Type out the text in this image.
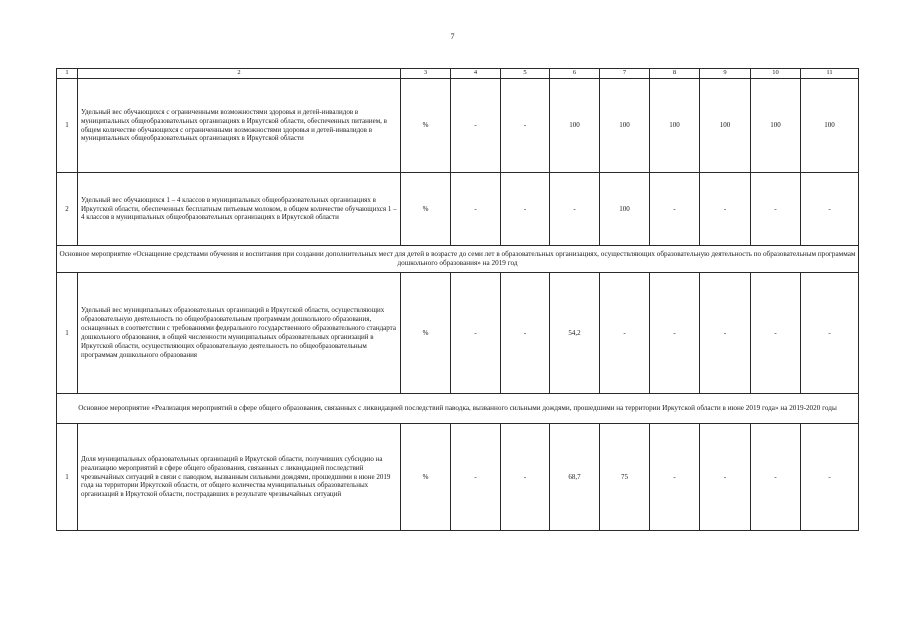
7
1	2	3	4	5	6	7	8	9	10	11
1	Удельный вес обучающихся с ограниченными возможностями здоровья и детей-инвалидов в муниципальных общеобразовательных организациях в Иркутской области, обеспеченных питанием, в общем количестве обучающихся с ограниченными возможностями здоровья и детей-инвалидов в муниципальных общеобразовательных организациях в Иркутской области	%	-	-	100	100	100	100	100	100
2	Удельный вес обучающихся 1 – 4 классов в муниципальных общеобразовательных организациях в Иркутской области, обеспеченных бесплатным питьевым молоком, в общем количестве обучающихся 1 – 4 классов в муниципальных общеобразовательных организациях в Иркутской области	%	-	-	-	100	-	-	-	-
Основное мероприятие «Оснащение средствами обучения и воспитания при создании дополнительных мест для детей в возрасте до семи лет в образовательных организациях, осуществляющих образовательную деятельность по образовательным программам дошкольного образования» на 2019 год										
1	Удельный вес муниципальных образовательных организаций в Иркутской области, осуществляющих образовательную деятельность по общеобразовательным программам дошкольного образования, оснащенных в соответствии с требованиями федерального государственного образовательного стандарта дошкольного образования, в общей численности муниципальных образовательных организаций в Иркутской области, осуществляющих образовательную деятельность по общеобразовательным программам дошкольного образования	%	-	-	54,2	-	-	-	-	-
Основное мероприятие «Реализация мероприятий в сфере общего образования, связанных с ликвидацией последствий паводка, вызванного сильными дождями, прошедшими на территории Иркутской области в июне 2019 года» на 2019-2020 годы										
1	Доля муниципальных образовательных организаций в Иркутской области, получивших субсидию на реализацию мероприятий в сфере общего образования, связанных с ликвидацией последствий чрезвычайных ситуаций в связи с паводком, вызванным сильными дождями, прошедшими в июне 2019 года на территории Иркутской области, от общего количества муниципальных образовательных организаций в Иркутской области, пострадавших в результате чрезвычайных ситуаций	%	-	-	68,7	75	-	-	-	-
